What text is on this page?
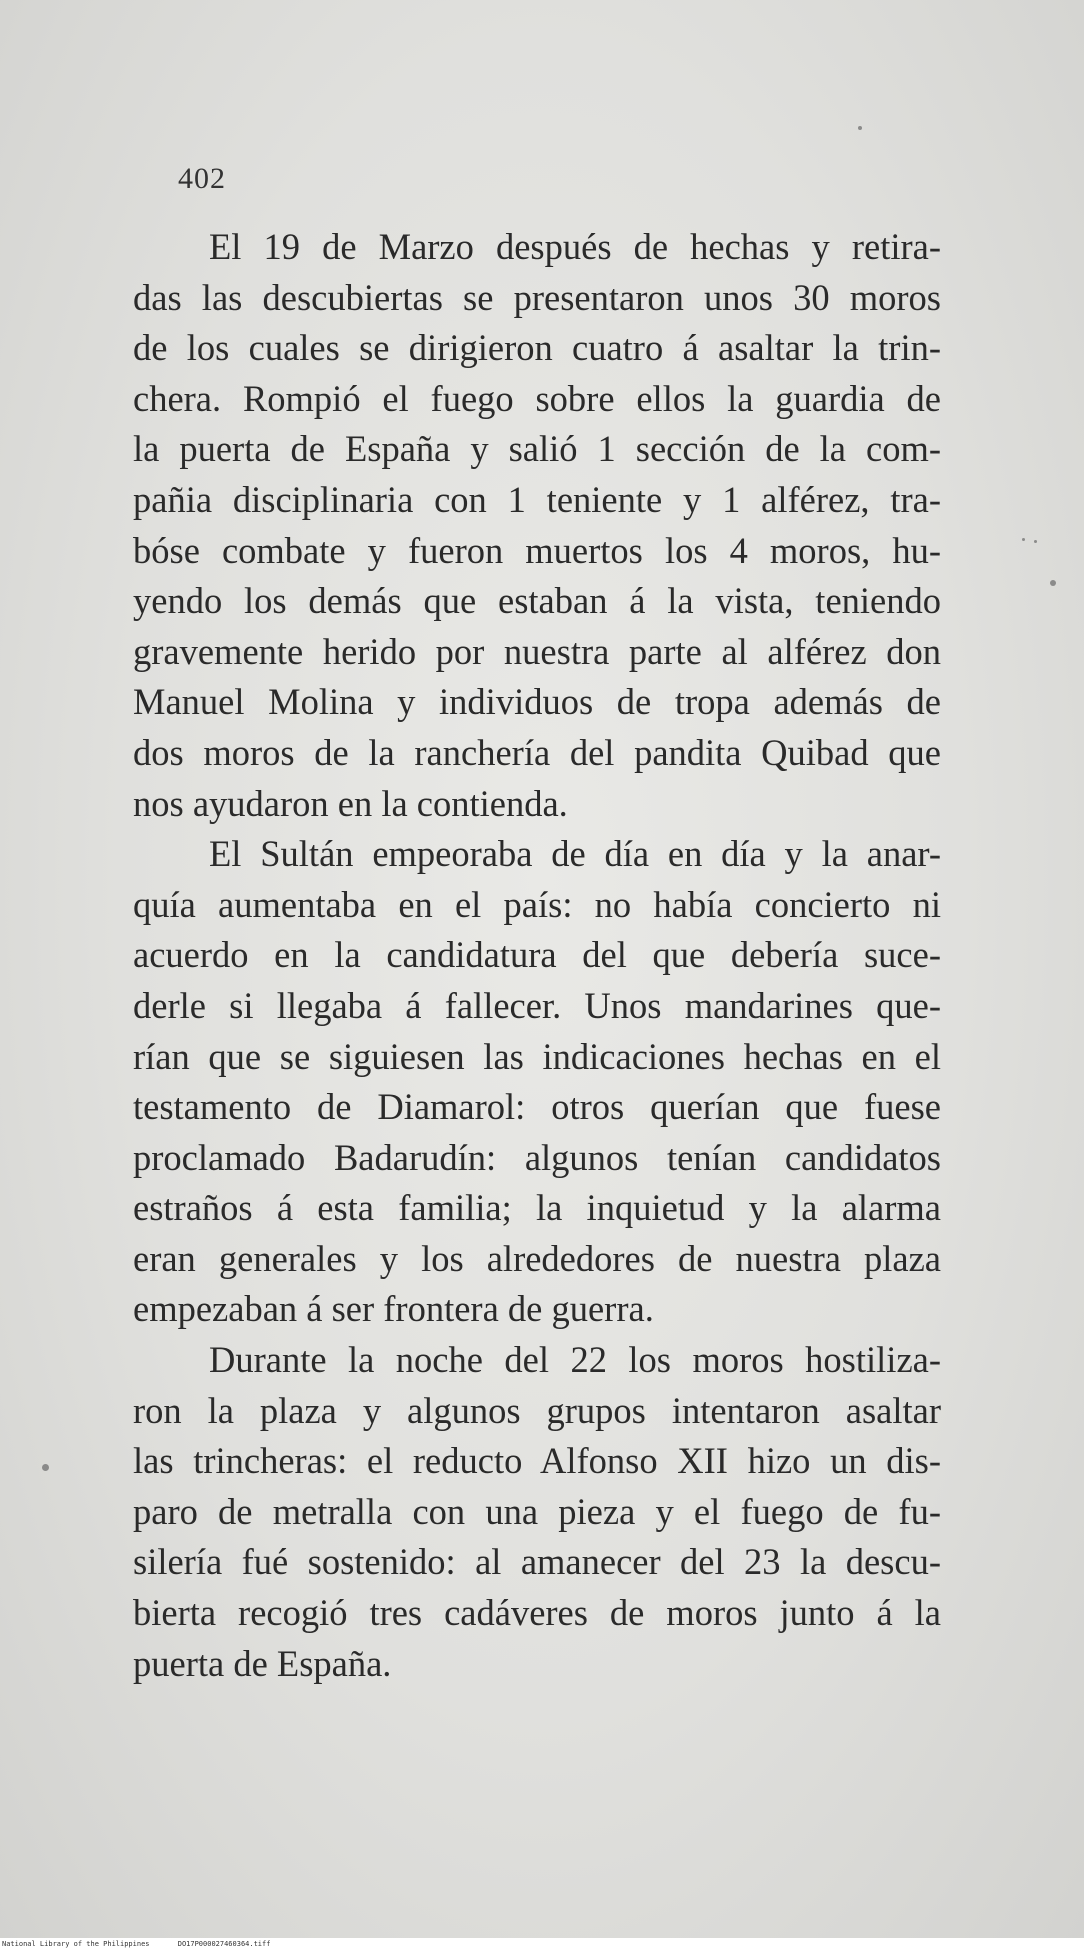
402
El 19 de Marzo después de hechas y retira-
das las descubiertas se presentaron unos 30 moros
de los cuales se dirigieron cuatro á asaltar la trin-
chera. Rompió el fuego sobre ellos la guardia de
la puerta de España y salió 1 sección de la com-
pañia disciplinaria con 1 teniente y 1 alférez, tra-
bóse combate y fueron muertos los 4 moros, hu-
yendo los demás que estaban á la vista, teniendo
gravemente herido por nuestra parte al alférez don
Manuel Molina y individuos de tropa además de
dos moros de la ranchería del pandita Quibad que
nos ayudaron en la contienda.
El Sultán empeoraba de día en día y la anar-
quía aumentaba en el país: no había concierto ni
acuerdo en la candidatura del que debería suce-
derle si llegaba á fallecer. Unos mandarines que-
rían que se siguiesen las indicaciones hechas en el
testamento de Diamarol: otros querían que fuese
proclamado Badarudín: algunos tenían candidatos
estraños á esta familia; la inquietud y la alarma
eran generales y los alrededores de nuestra plaza
empezaban á ser frontera de guerra.
Durante la noche del 22 los moros hostiliza-
ron la plaza y algunos grupos intentaron asaltar
las trincheras: el reducto Alfonso XII hizo un dis-
paro de metralla con una pieza y el fuego de fu-
silería fué sostenido: al amanecer del 23 la descu-
bierta recogió tres cadáveres de moros junto á la
puerta de España.
National Library of the Philippines	DO17P000027460364.tiff
